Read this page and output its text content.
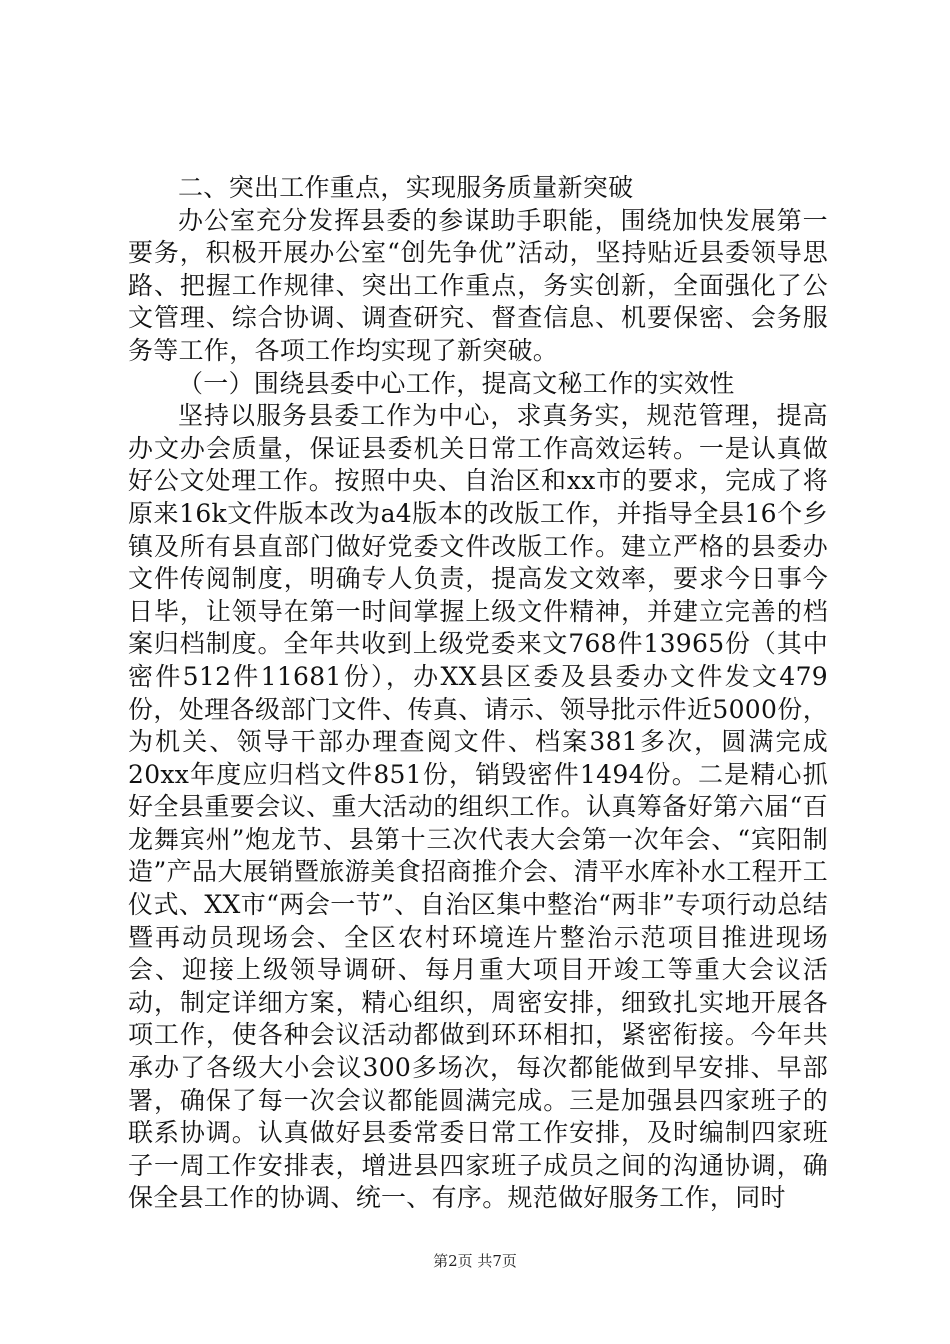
二、突出工作重点，实现服务质量新突破

办公室充分发挥县委的参谋助手职能，围绕加快发展第一要务，积极开展办公室“创先争优”活动，坚持贴近县委领导思路、把握工作规律、突出工作重点，务实创新，全面强化了公文管理、综合协调、调查研究、督查信息、机要保密、会务服务等工作，各项工作均实现了新突破。

（一）围绕县委中心工作，提高文秘工作的实效性

坚持以服务县委工作为中心，求真务实，规范管理，提高办文办会质量，保证县委机关日常工作高效运转。一是认真做好公文处理工作。按照中央、自治区和xx市的要求，完成了将原来16k文件版本改为a4版本的改版工作，并指导全县16个乡镇及所有县直部门做好党委文件改版工作。建立严格的县委办文件传阅制度，明确专人负责，提高发文效率，要求今日事今日毕，让领导在第一时间掌握上级文件精神，并建立完善的档案归档制度。全年共收到上级党委来文768件13965份（其中密件512件11681份），办XX县区委及县委办文件发文479份，处理各级部门文件、传真、请示、领导批示件近5000份，为机关、领导干部办理查阅文件、档案381多次，圆满完成20xx年度应归档文件851份，销毁密件1494份。二是精心抓好全县重要会议、重大活动的组织工作。认真筹备好第六届“百龙舞宾州”炮龙节、县第十三次代表大会第一次年会、“宾阳制造”产品大展销暨旅游美食招商推介会、清平水库补水工程开工仪式、XX市“两会一节”、自治区集中整治“两非”专项行动总结暨再动员现场会、全区农村环境连片整治示范项目推进现场会、迎接上级领导调研、每月重大项目开竣工等重大会议活动，制定详细方案，精心组织，周密安排，细致扎实地开展各项工作，使各种会议活动都做到环环相扣，紧密衔接。今年共承办了各级大小会议300多场次，每次都能做到早安排、早部署，确保了每一次会议都能圆满完成。三是加强县四家班子的联系协调。认真做好县委常委日常工作安排，及时编制四家班子一周工作安排表，增进县四家班子成员之间的沟通协调，确保全县工作的协调、统一、有序。规范做好服务工作，同时

第2页 共7页
